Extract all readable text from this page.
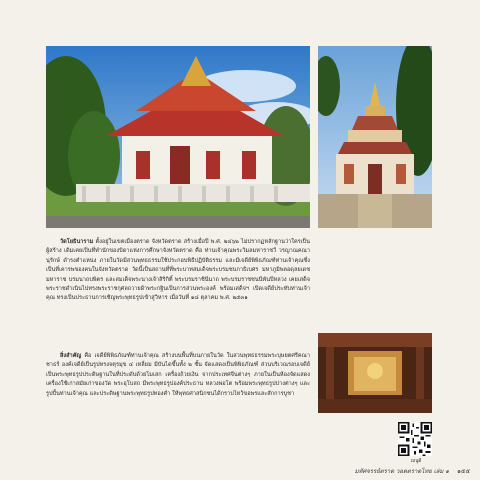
วัดโยธินาราม ตั้งอยู่ในเขตเมืองตราด จังหวัดตราด สร้างเมื่อปี พ.ศ. ๒๔๖๒ ไม่ปรากฏหลักฐานว่าใครเป็นผู้สร้าง เดิมเคยเป็นที่พำนักของบิดาแห่งการศึกษาจังหวัดตราด คือ ท่านเจ้าคุณพระวิมลมหาราชวี วรญาณคณานุรักษ์ ดำรงตำแหน่ง ภายในวัดมีสวนพุทธธรรมใช้ประกอบพิธีปฏิบัติธรรม และมีเจดีย์พิพิธภัณฑ์ท่านเจ้าคุณซึ่งเป็นที่เคารพของคนในจังหวัดตราด วัดนี้เป็นสถานที่ที่พระบาทสมเด็จพระบรมชนกาธิเบศร มหาภูมิพลอดุลยเดชมหาราช บรมนาถบพิตร และสมเด็จพระนางเจ้าสิริกิติ์ พระบรมราชินีนาถ พระบรมราชชนนีพันปีหลวง เคยเสด็จพระราชดำเนินไปทรงพระราชกุศลถวายผ้าพระกฐินเป็นการส่วนพระองค์ พร้อมเสด็จฯ เปิดเจดีย์ประทับท่านเจ้าคุณ ทรงเป็นประธานการเชิญพระพุทธรูปเข้าสู่วิหาร เมื่อวันที่ ๑๘ ตุลาคม พ.ศ. ๒๕๓๑
สิ่งสำคัญ คือ เจดีย์พิพิธภัณฑ์ท่านเจ้าคุณ สร้างบนพื้นที่บนภายในวัด ในสวนพุทธธรรมพระบุษยตศรีคณาชาธร์ องค์เจดีย์เป็นรูปทรงจตุรมุข ๔ เหลี่ยม มีบันไดขึ้นทั้ง ๒ ชั้น จัดแสดงเป็นพิพิธภัณฑ์ ส่วนบริเวณรอบเจดีย์เป็นพระพุทธรูปประดิษฐานในที่ประดับด้วยโมเสก เครื่องถ้วยเงิน จากประเทศจีนต่างๆ ภายในเป็นห้องจัดแสดงเครื่องใช้เก่าสมัยเก่าของวัด พระอุโบสถ มีพระพุทธรูปองค์ประธาน หลวงพ่อโต พร้อมพระพุทธรูปปางต่างๆ และรูปปั้นท่านเจ้าคุณ และประดิษฐานพระพุทธรูปทองคำ ให้พุทธศาสนิกชนได้กราบไหว้ขอพรและสักการบูชา
เมนูดี
มหัศจรรย์ตราด วอตตราดไทย เล่ม ๑ ๑๕๕
